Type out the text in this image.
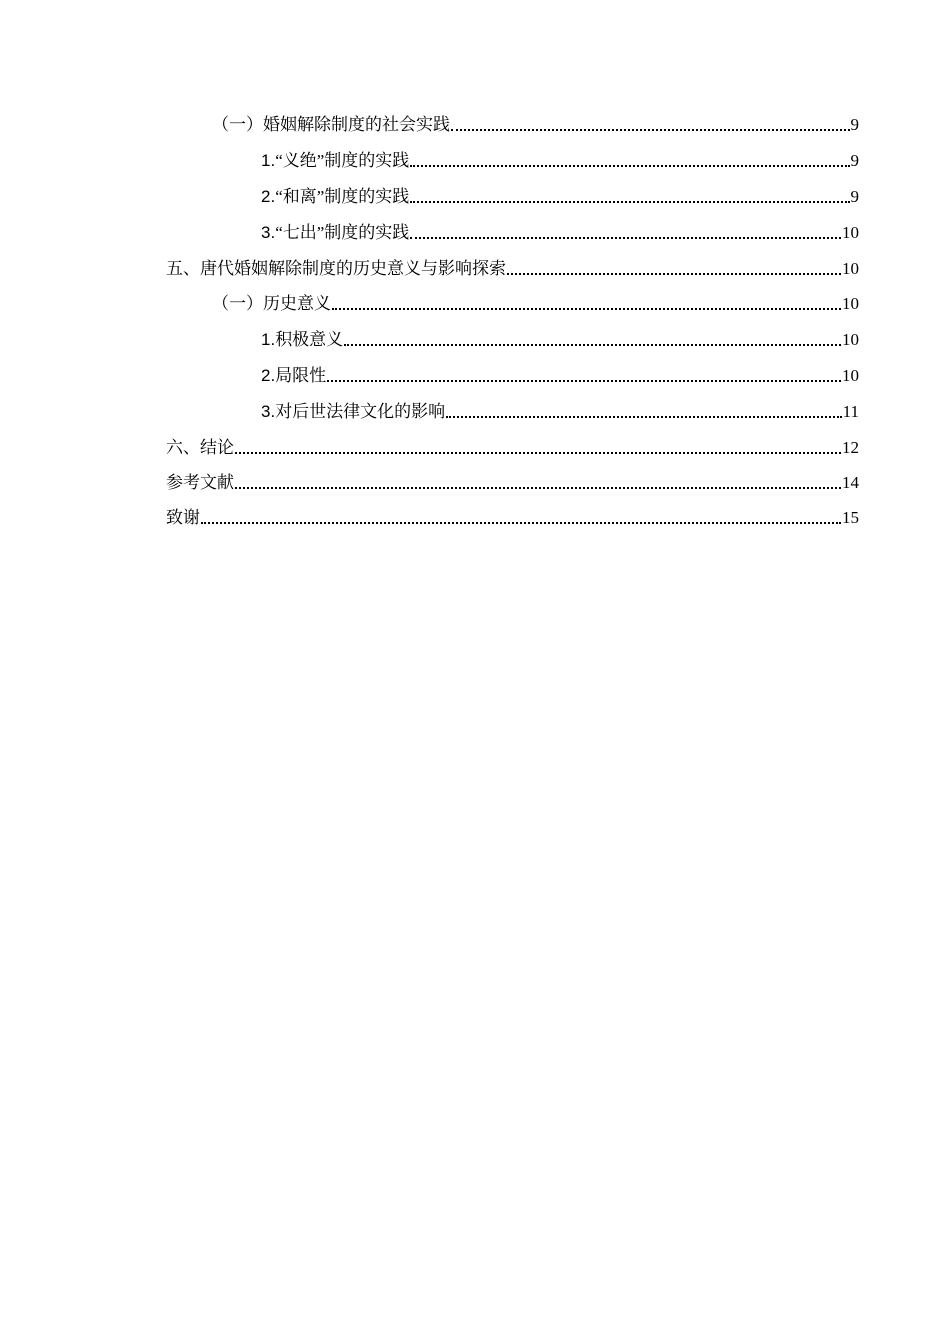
（一）婚姻解除制度的社会实践	9
1.“义绝”制度的实践	9
2.“和离”制度的实践	9
3.“七出”制度的实践	10
五、唐代婚姻解除制度的历史意义与影响探索	10
（一）历史意义	10
1.积极意义	10
2.局限性	10
3.对后世法律文化的影响	11
六、结论	12
参考文献	14
致谢	15
